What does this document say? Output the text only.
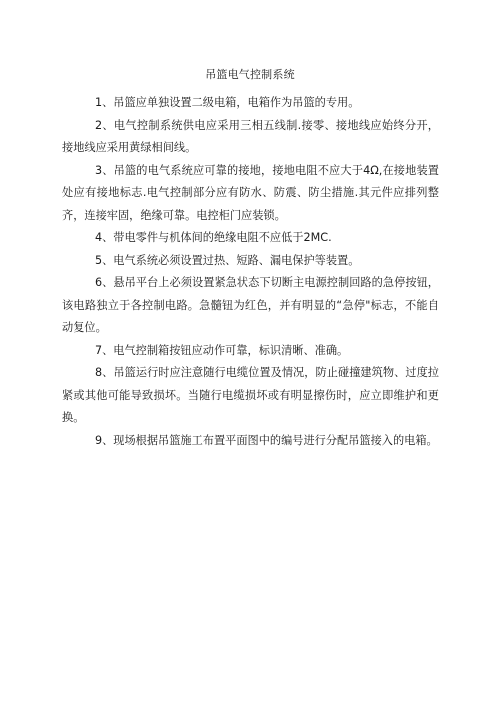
吊篮电气控制系统

1、吊篮应单独设置二级电箱，电箱作为吊篮的专用。

2、电气控制系统供电应采用三相五线制.接零、接地线应始终分开，接地线应采用黄绿相间线。

3、吊篮的电气系统应可靠的接地，接地电阻不应大于4Ω,在接地装置处应有接地标志.电气控制部分应有防水、防震、防尘措施.其元件应排列整齐，连接牢固，绝缘可靠。电控柜门应装锁。

4、带电零件与机体间的绝缘电阻不应低于2MC.

5、电气系统必须设置过热、短路、漏电保护等装置。

6、悬吊平台上必须设置紧急状态下切断主电源控制回路的急停按钮，该电路独立于各控制电路。急髓钮为红色，并有明显的“急停"标志，不能自动复位。

7、电气控制箱按钮应动作可靠，标识清晰、准确。

8、吊篮运行时应注意随行电缆位置及情况，防止碰撞建筑物、过度拉紧或其他可能导致损坏。当随行电缆损坏或有明显擦伤时，应立即维护和更换。

9、现场根据吊篮施工布置平面图中的编号进行分配吊篮接入的电箱。
